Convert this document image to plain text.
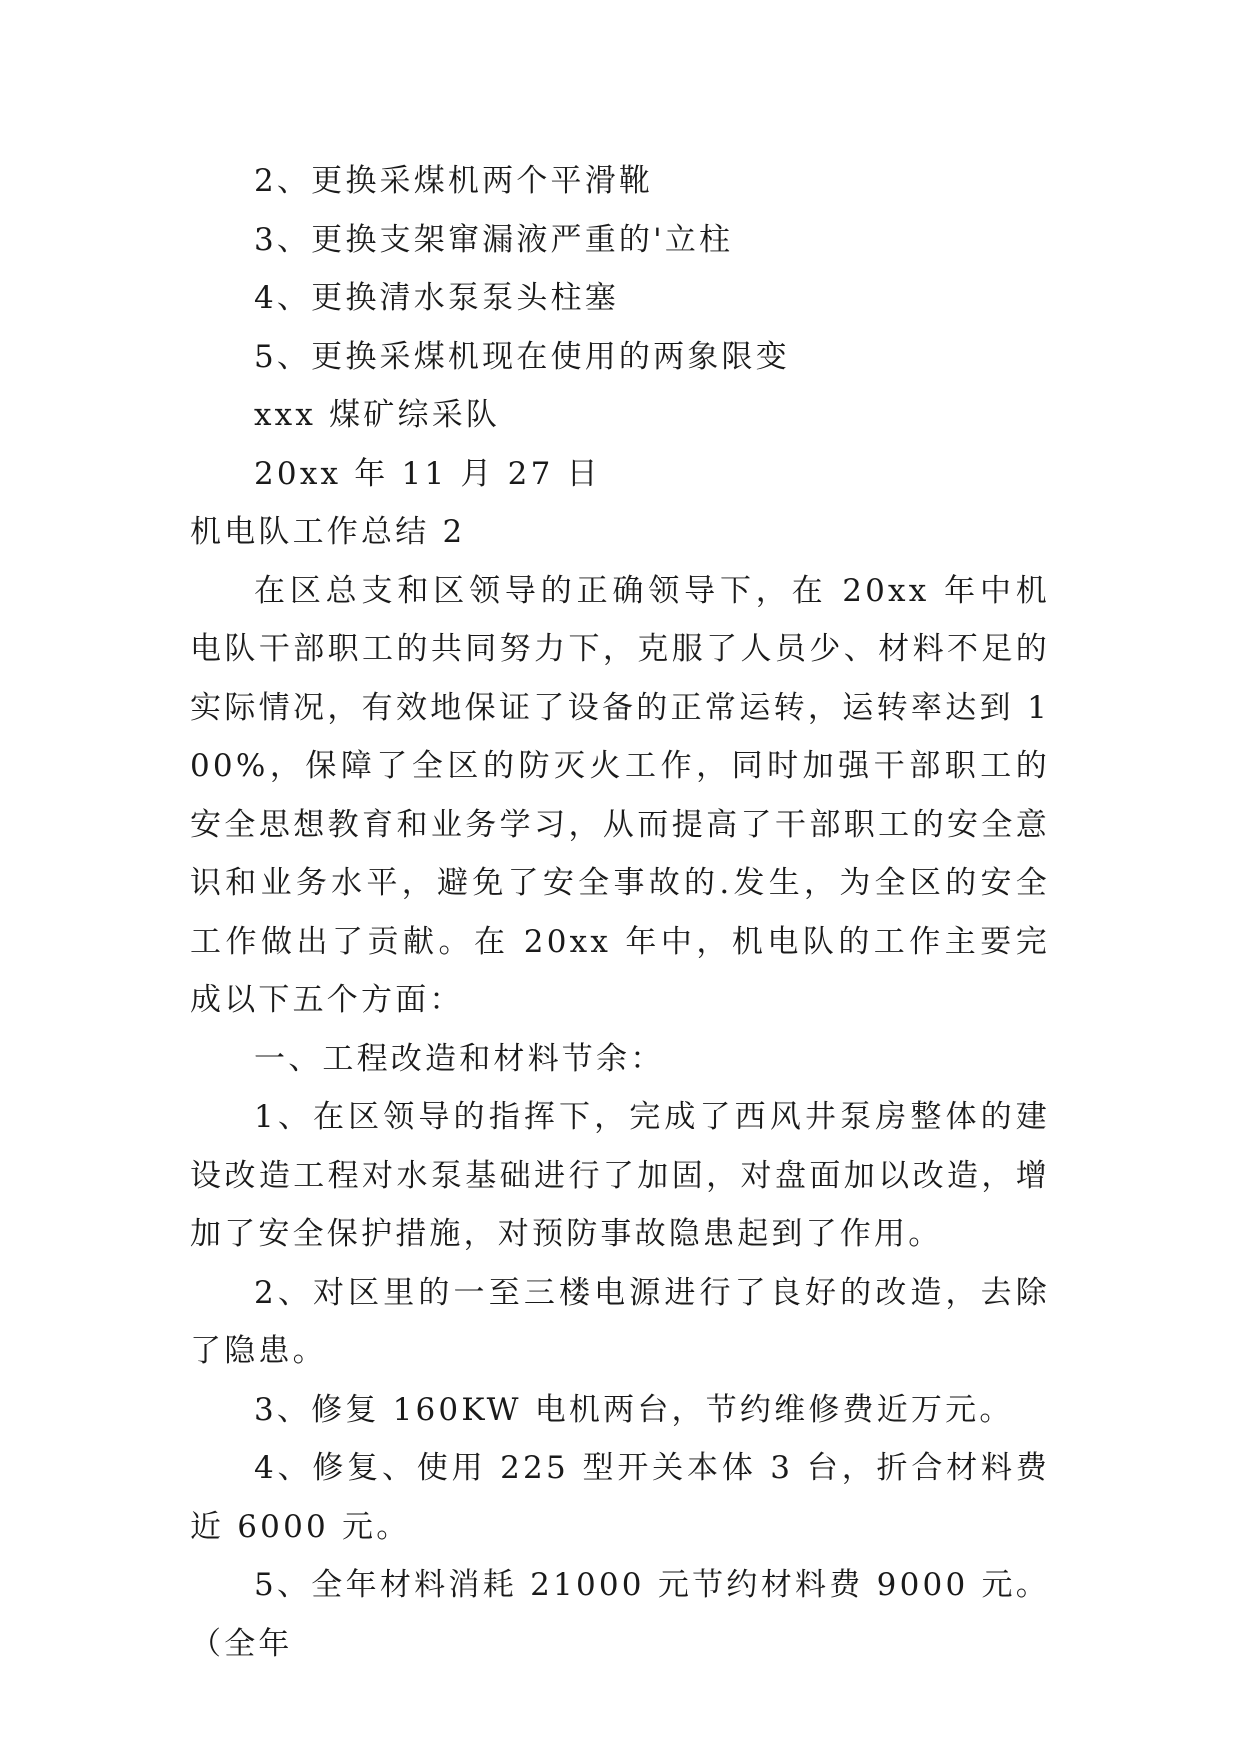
2、更换采煤机两个平滑靴
3、更换支架窜漏液严重的'立柱
4、更换清水泵泵头柱塞
5、更换采煤机现在使用的两象限变
xxx 煤矿综采队
20xx 年 11 月 27 日
机电队工作总结 2

在区总支和区领导的正确领导下，在 20xx 年中机电队干部职工的共同努力下，克服了人员少、材料不足的实际情况，有效地保证了设备的正常运转，运转率达到 100%，保障了全区的防灭火工作，同时加强干部职工的安全思想教育和业务学习，从而提高了干部职工的安全意识和业务水平，避免了安全事故的.发生，为全区的安全工作做出了贡献。在 20xx 年中，机电队的工作主要完成以下五个方面：

一、工程改造和材料节余：

1、在区领导的指挥下，完成了西风井泵房整体的建设改造工程对水泵基础进行了加固，对盘面加以改造，增加了安全保护措施，对预防事故隐患起到了作用。

2、对区里的一至三楼电源进行了良好的改造，去除了隐患。

3、修复 160KW 电机两台，节约维修费近万元。

4、修复、使用 225 型开关本体 3 台，折合材料费近 6000 元。

5、全年材料消耗 21000 元节约材料费 9000 元。（全年
